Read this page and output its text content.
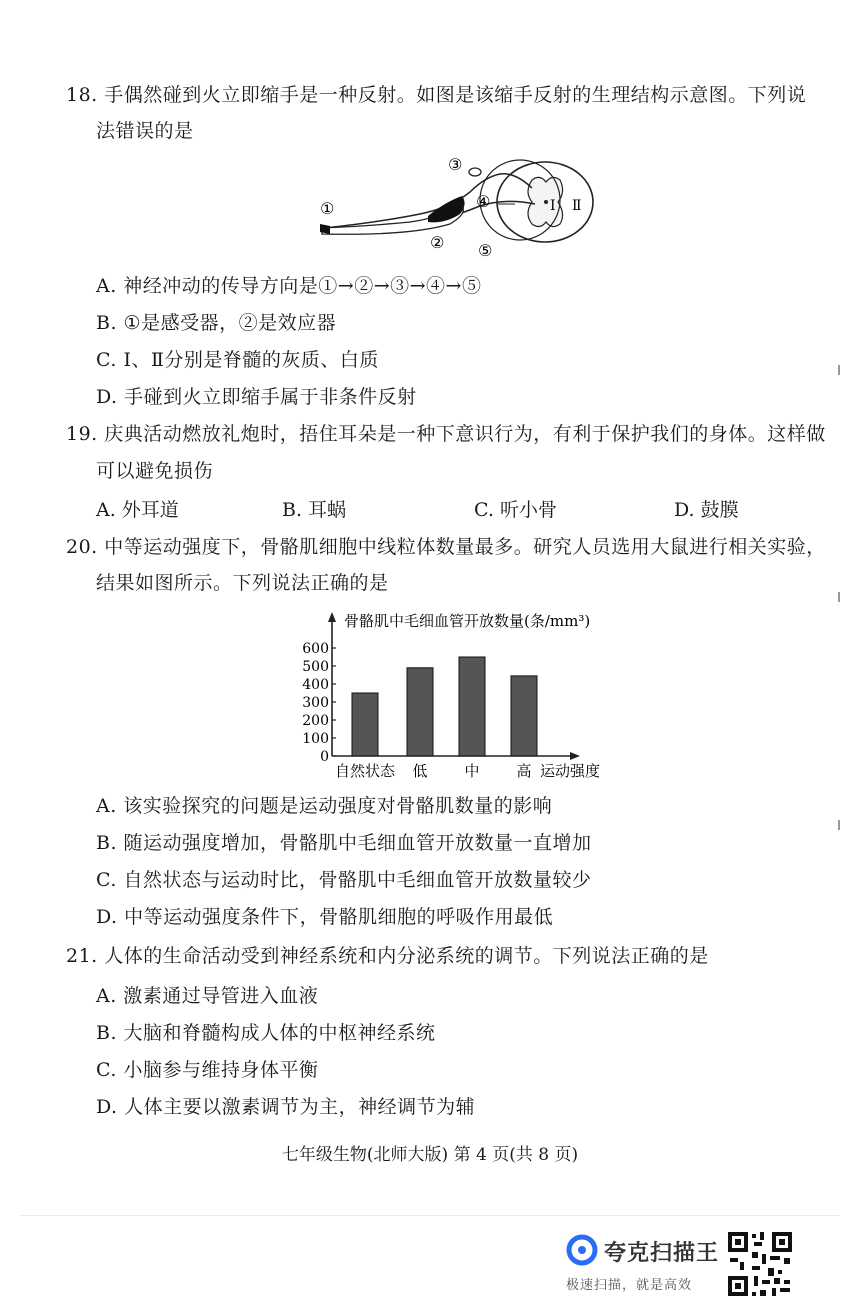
18. 手偶然碰到火立即缩手是一种反射。如图是该缩手反射的生理结构示意图。下列说
法错误的是
①
②
③
④
⑤
Ⅰ Ⅱ
A. 神经冲动的传导方向是①→②→③→④→⑤
B. ①是感受器，②是效应器
C. Ⅰ、Ⅱ分别是脊髓的灰质、白质
D. 手碰到火立即缩手属于非条件反射
19. 庆典活动燃放礼炮时，捂住耳朵是一种下意识行为，有利于保护我们的身体。这样做
可以避免损伤
A. 外耳道	B. 耳蜗	C. 听小骨	D. 鼓膜
20. 中等运动强度下，骨骼肌细胞中线粒体数量最多。研究人员选用大鼠进行相关实验，
结果如图所示。下列说法正确的是
骨骼肌中毛细血管开放数量(条/mm³)
0
100
200
300
400
500
600
自然状态 低 中 高 运动强度
A. 该实验探究的问题是运动强度对骨骼肌数量的影响
B. 随运动强度增加，骨骼肌中毛细血管开放数量一直增加
C. 自然状态与运动时比，骨骼肌中毛细血管开放数量较少
D. 中等运动强度条件下，骨骼肌细胞的呼吸作用最低
21. 人体的生命活动受到神经系统和内分泌系统的调节。下列说法正确的是
A. 激素通过导管进入血液
B. 大脑和脊髓构成人体的中枢神经系统
C. 小脑参与维持身体平衡
D. 人体主要以激素调节为主，神经调节为辅
七年级生物(北师大版) 第 4 页(共 8 页)
夸克扫描王
极速扫描，就是高效
